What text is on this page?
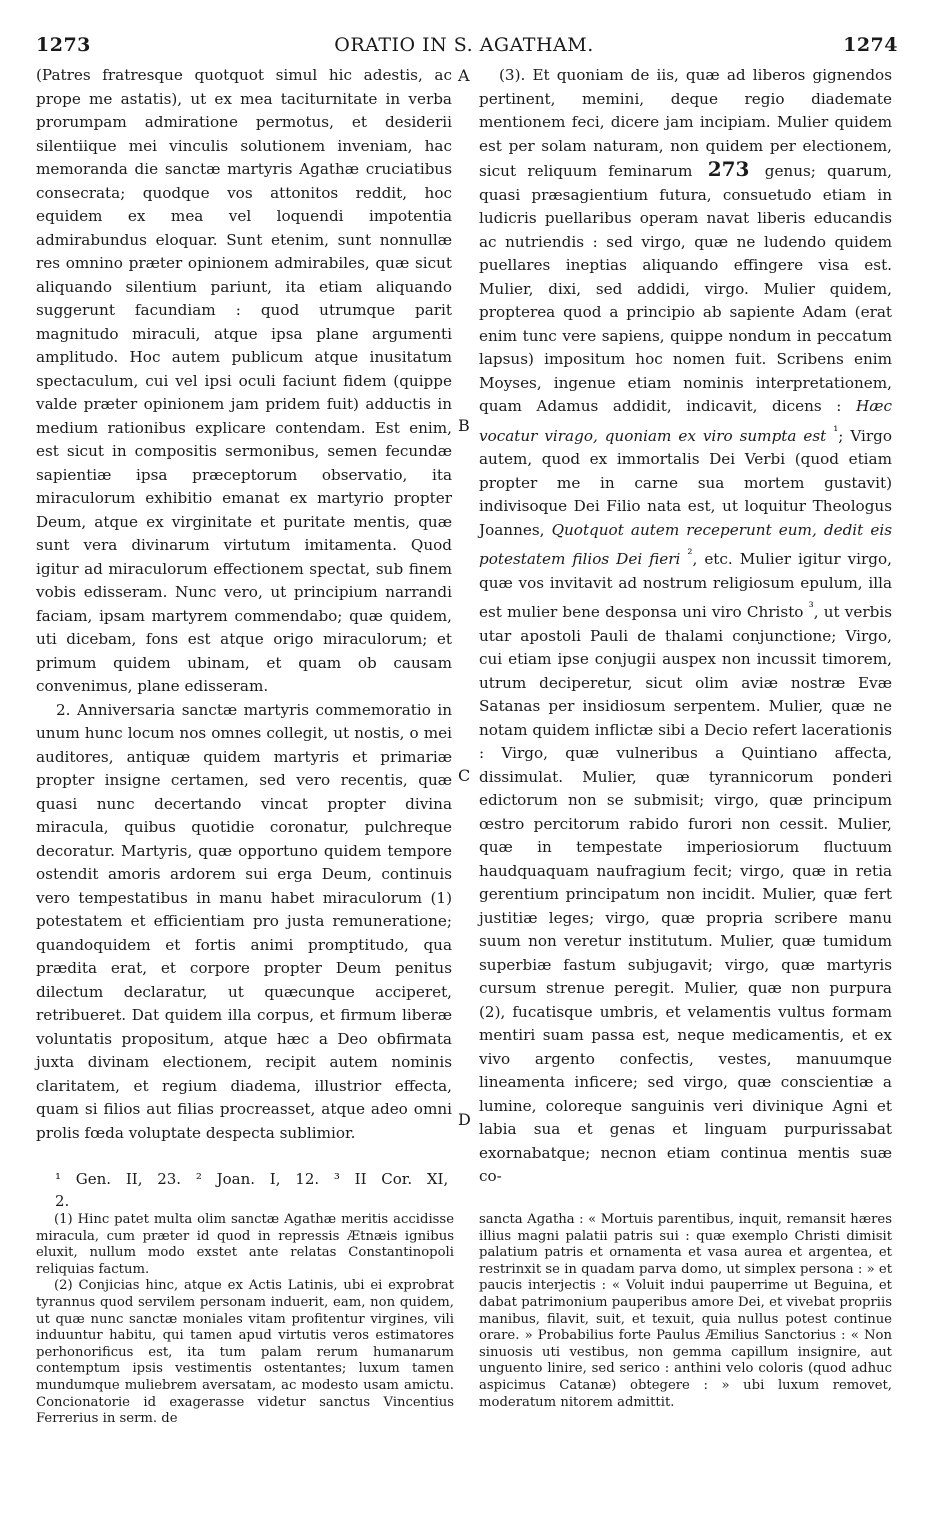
1273	ORATIO IN S. AGATHAM.	1274

(Patres fratresque quotquot simul hic adestis, ac prope me astatis), ut ex mea taciturnitate in verba prorumpam admiratione permotus, et desiderii silentiique mei vinculis solutionem inveniam, hac memoranda die sanctæ martyris Agathæ cruciatibus consecrata; quodque vos attonitos reddit, hoc equidem ex mea vel loquendi impotentia admirabundus eloquar. Sunt etenim, sunt nonnullæ res omnino præter opinionem admirabiles, quæ sicut aliquando silentium pariunt, ita etiam aliquando suggerunt facundiam : quod utrumque parit magnitudo miraculi, atque ipsa plane argumenti amplitudo. Hoc autem publicum atque inusitatum spectaculum, cui vel ipsi oculi faciunt fidem (quippe valde præter opinionem jam pridem fuit) adductis in medium rationibus explicare contendam. Est enim, est sicut in compositis sermonibus, semen fecundæ sapientiæ ipsa præceptorum observatio, ita miraculorum exhibitio emanat ex martyrio propter Deum, atque ex virginitate et puritate mentis, quæ sunt vera divinarum virtutum imitamenta. Quod igitur ad miraculorum effectionem spectat, sub finem vobis edisseram. Nunc vero, ut principium narrandi faciam, ipsam martyrem commendabo; quæ quidem, uti dicebam, fons est atque origo miraculorum; et primum quidem ubinam, et quam ob causam convenimus, plane edisseram.

2. Anniversaria sanctæ martyris commemoratio in unum hunc locum nos omnes collegit, ut nostis, o mei auditores, antiquæ quidem martyris et primariæ propter insigne certamen, sed vero recentis, quæ quasi nunc decertando vincat propter divina miracula, quibus quotidie coronatur, pulchreque decoratur. Martyris, quæ opportuno quidem tempore ostendit amoris ardorem sui erga Deum, continuis vero tempestatibus in manu habet miraculorum (1) potestatem et efficientiam pro justa remuneratione; quandoquidem et fortis animi promptitudo, qua prædita erat, et corpore propter Deum penitus dilectum declaratur, ut quæcunque acciperet, retribueret. Dat quidem illa corpus, et firmum liberæ voluntatis propositum, atque hæc a Deo obfirmata juxta divinam electionem, recipit autem nominis claritatem, et regium diadema, illustrior effecta, quam si filios aut filias procreasset, atque adeo omni prolis fœda voluptate despecta sublimior.

A
B
C
D

(3). Et quoniam de iis, quæ ad liberos gignendos pertinent, memini, deque regio diademate mentionem feci, dicere jam incipiam. Mulier quidem est per solam naturam, non quidem per electionem, sicut reliquum feminarum 273 genus; quarum, quasi præsagientium futura, consuetudo etiam in ludicris puellaribus operam navat liberis educandis ac nutriendis : sed virgo, quæ ne ludendo quidem puellares ineptias aliquando effingere visa est. Mulier, dixi, sed addidi, virgo. Mulier quidem, propterea quod a principio ab sapiente Adam (erat enim tunc vere sapiens, quippe nondum in peccatum lapsus) impositum hoc nomen fuit. Scribens enim Moyses, ingenue etiam nominis interpretationem, quam Adamus addidit, indicavit, dicens : Hæc vocatur virago, quoniam ex viro sumpta est $^{^1}$; Virgo autem, quod ex immortalis Dei Verbi (quod etiam propter me in carne sua mortem gustavit) indivisoque Dei Filio nata est, ut loquitur Theologus Joannes, Quotquot autem receperunt eum, dedit eis potestatem filios Dei fieri $^{^2}$, etc. Mulier igitur virgo, quæ vos invitavit ad nostrum religiosum epulum, illa est mulier bene desponsa uni viro Christo $^{^3}$, ut verbis utar apostoli Pauli de thalami conjunctione; Virgo, cui etiam ipse conjugii auspex non incussit timorem, utrum deciperetur, sicut olim aviæ nostræ Evæ Satanas per insidiosum serpentem. Mulier, quæ ne notam quidem inflictæ sibi a Decio refert lacerationis : Virgo, quæ vulneribus a Quintiano affecta, dissimulat. Mulier, quæ tyrannicorum ponderi edictorum non se submisit; virgo, quæ principum œstro percitorum rabido furori non cessit. Mulier, quæ in tempestate imperiosiorum fluctuum haudquaquam naufragium fecit; virgo, quæ in retia gerentium principatum non incidit. Mulier, quæ fert justitiæ leges; virgo, quæ propria scribere manu suum non veretur institutum. Mulier, quæ tumidum superbiæ fastum subjugavit; virgo, quæ martyris cursum strenue peregit. Mulier, quæ non purpura (2), fucatisque umbris, et velamentis vultus formam mentiri suam passa est, neque medicamentis, et ex vivo argento confectis, vestes, manuumque lineamenta inficere; sed virgo, quæ conscientiæ a lumine, coloreque sanguinis veri divinique Agni et labia sua et genas et linguam purpurissabat exornabatque; necnon etiam continua mentis suæ co-

¹ Gen. II, 23. ² Joan. I, 12. ³ II Cor. XI, 2.

(1) Hinc patet multa olim sanctæ Agathæ meritis accidisse miracula, cum præter id quod in repressis Ætnæis ignibus eluxit, nullum modo exstet ante relatas Constantinopoli reliquias factum.

(2) Conjicias hinc, atque ex Actis Latinis, ubi ei exprobrat tyrannus quod servilem personam induerit, eam, non quidem, ut quæ nunc sanctæ moniales vitam profitentur virgines, vili induuntur habitu, qui tamen apud virtutis veros estimatores perhonorificus est, ita tum palam rerum humanarum contemptum ipsis vestimentis ostentantes; luxum tamen mundumque muliebrem aversatam, ac modesto usam amictu. Concionatorie id exagerasse videtur sanctus Vincentius Ferrerius in serm. de

sancta Agatha : « Mortuis parentibus, inquit, remansit hæres illius magni palatii patris sui : quæ exemplo Christi dimisit palatium patris et ornamenta et vasa aurea et argentea, et restrinxit se in quadam parva domo, ut simplex persona : » et paucis interjectis : « Voluit indui pauperrime ut Beguina, et dabat patrimonium pauperibus amore Dei, et vivebat propriis manibus, filavit, suit, et texuit, quia nullus potest continue orare. » Probabilius forte Paulus Æmilius Sanctorius : « Non sinuosis uti vestibus, non gemma capillum insignire, aut unguento linire, sed serico : anthini velo coloris (quod adhuc aspicimus Catanæ) obtegere : » ubi luxum removet, moderatum nitorem admittit.
